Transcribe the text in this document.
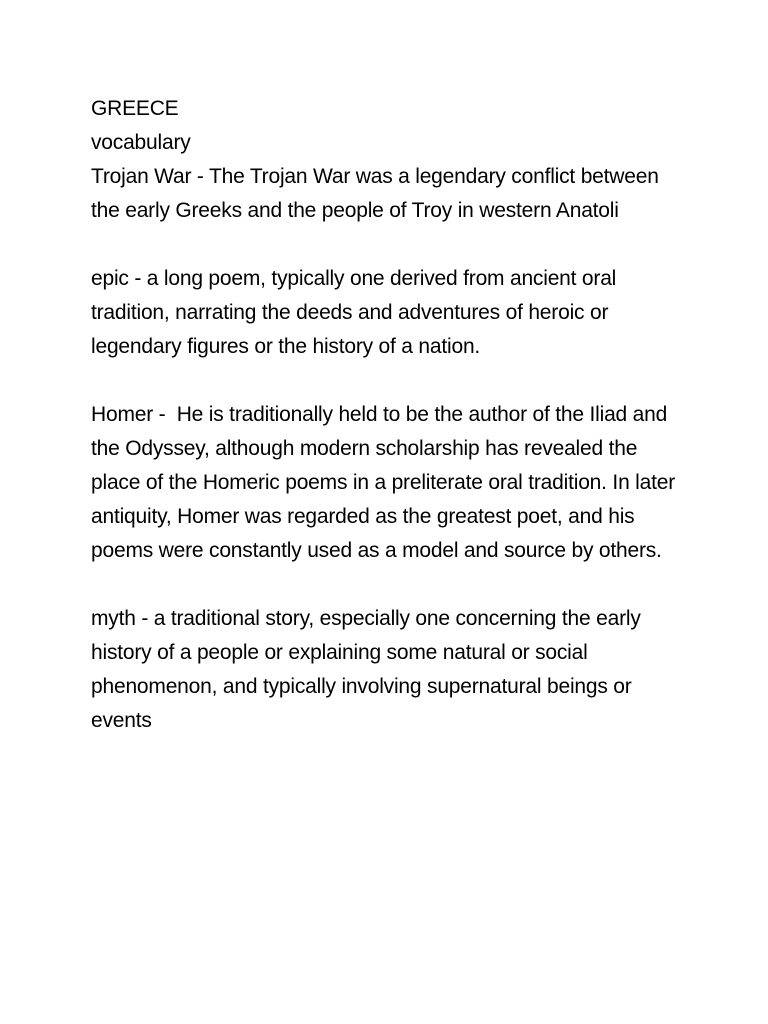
GREECE

vocabulary

Trojan War - The Trojan War was a legendary conflict between the early Greeks and the people of Troy in western Anatoli

epic - a long poem, typically one derived from ancient oral tradition, narrating the deeds and adventures of heroic or legendary figures or the history of a nation.

Homer -  He is traditionally held to be the author of the Iliad and the Odyssey, although modern scholarship has revealed the place of the Homeric poems in a preliterate oral tradition. In later antiquity, Homer was regarded as the greatest poet, and his poems were constantly used as a model and source by others.

myth - a traditional story, especially one concerning the early history of a people or explaining some natural or social phenomenon, and typically involving supernatural beings or events
